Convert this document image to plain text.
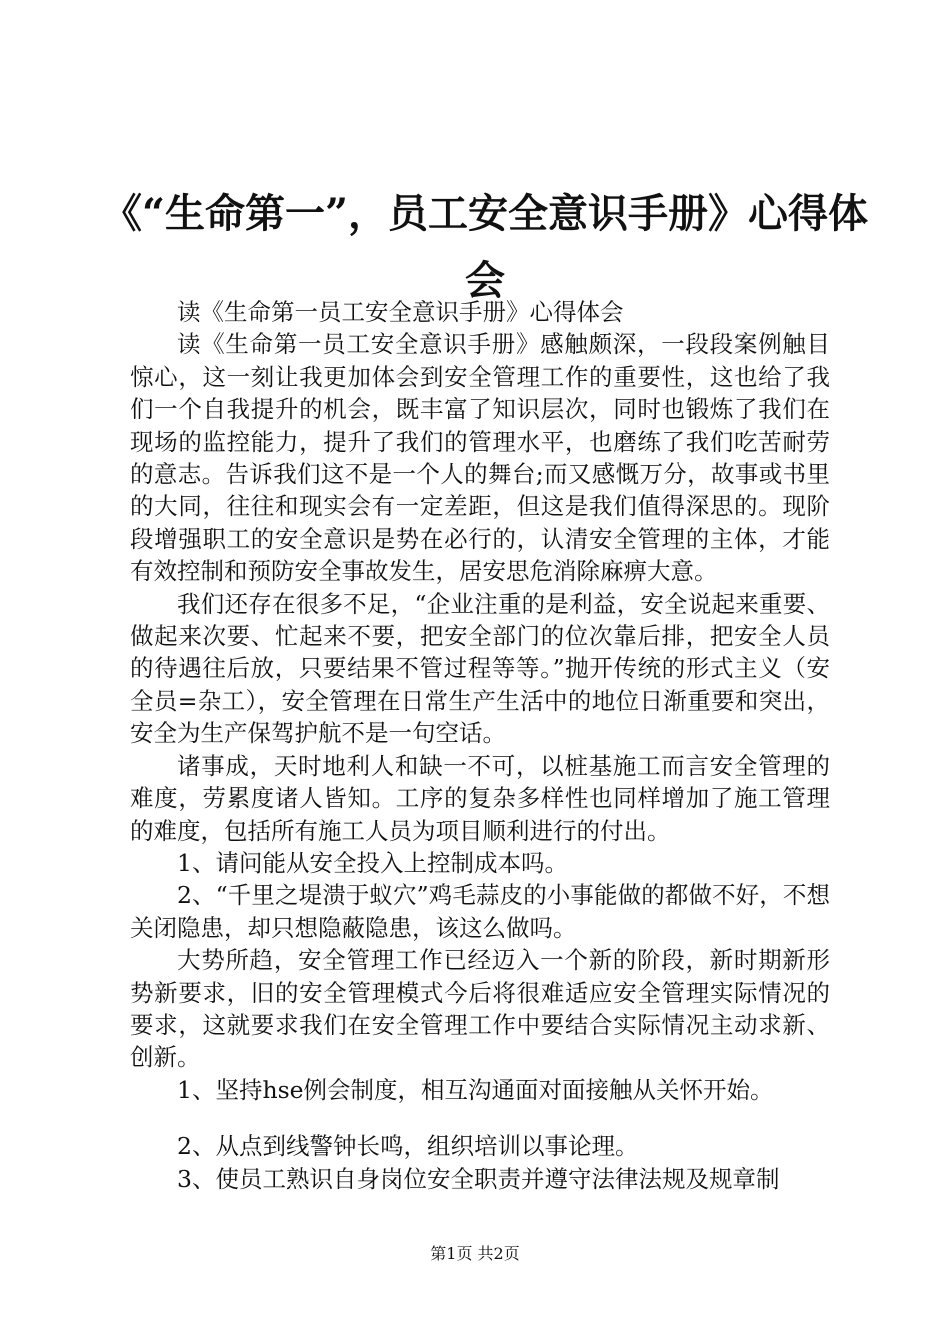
《“生命第一”，员工安全意识手册》心得体会

读《生命第一员工安全意识手册》心得体会

读《生命第一员工安全意识手册》感触颇深，一段段案例触目惊心，这一刻让我更加体会到安全管理工作的重要性，这也给了我们一个自我提升的机会，既丰富了知识层次，同时也锻炼了我们在现场的监控能力，提升了我们的管理水平，也磨练了我们吃苦耐劳的意志。告诉我们这不是一个人的舞台;而又感慨万分，故事或书里的大同，往往和现实会有一定差距，但这是我们值得深思的。现阶段增强职工的安全意识是势在必行的，认清安全管理的主体，才能有效控制和预防安全事故发生，居安思危消除麻痹大意。

我们还存在很多不足，“企业注重的是利益，安全说起来重要、做起来次要、忙起来不要，把安全部门的位次靠后排，把安全人员的待遇往后放，只要结果不管过程等等。”抛开传统的形式主义（安全员=杂工），安全管理在日常生产生活中的地位日渐重要和突出，安全为生产保驾护航不是一句空话。

诸事成，天时地利人和缺一不可，以桩基施工而言安全管理的难度，劳累度诸人皆知。工序的复杂多样性也同样增加了施工管理的难度，包括所有施工人员为项目顺利进行的付出。

1、请问能从安全投入上控制成本吗。

2、“千里之堤溃于蚁穴”鸡毛蒜皮的小事能做的都做不好，不想关闭隐患，却只想隐蔽隐患，该这么做吗。

大势所趋，安全管理工作已经迈入一个新的阶段，新时期新形势新要求，旧的安全管理模式今后将很难适应安全管理实际情况的要求，这就要求我们在安全管理工作中要结合实际情况主动求新、创新。

1、坚持hse例会制度，相互沟通面对面接触从关怀开始。

2、从点到线警钟长鸣，组织培训以事论理。

3、使员工熟识自身岗位安全职责并遵守法律法规及规章制

第1页 共2页
